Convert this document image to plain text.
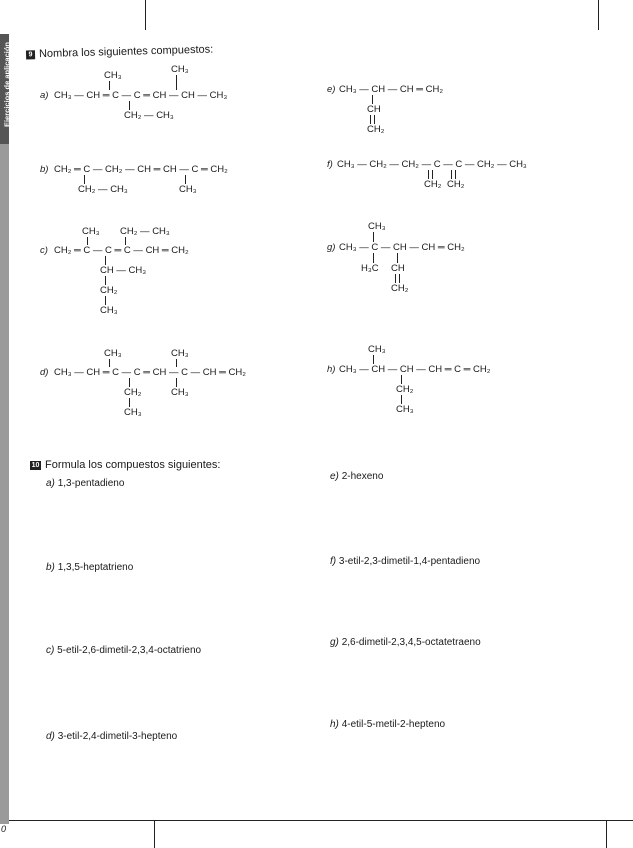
Ejercicios de aplicación	9 Nombra los siguientes compuestos:
a) CH₃ — CH ═ C — C ═ CH — CH — CH₃
CH₃
CH₃
CH₂ — CH₃
b) CH₂ ═ C — CH₂ — CH ═ CH — C ═ CH₂
CH₂ — CH₃	CH₃
c) CH₂ ═ C — C ═ C — CH ═ CH₂
CH₃ CH₂ — CH₃
CH — CH₃
CH₂
CH₃
d) CH₃ — CH ═ C — C ═ CH — C — CH ═ CH₂
CH₃	CH₃
CH₂
CH₃
CH₃
e) CH₃ — CH — CH ═ CH₂
CH
CH₂
f) CH₃ — CH₂ — CH₂ — C — C — CH₂ — CH₃
CH₂ CH₂
g) CH₃ — C — CH — CH ═ CH₂
CH₃
H₃C CH
CH₂
h) CH₃ — CH — CH — CH ═ C ═ CH₂
CH₃
CH₂
CH₃
10 Formula los compuestos siguientes:
a) 1,3-pentadieno
b) 1,3,5-heptatrieno
c) 5-etil-2,6-dimetil-2,3,4-octatrieno
d) 3-etil-2,4-dimetil-3-hepteno
e) 2-hexeno
f) 3-etil-2,3-dimetil-1,4-pentadieno
g) 2,6-dimetil-2,3,4,5-octatetraeno
h) 4-etil-5-metil-2-hepteno
0
